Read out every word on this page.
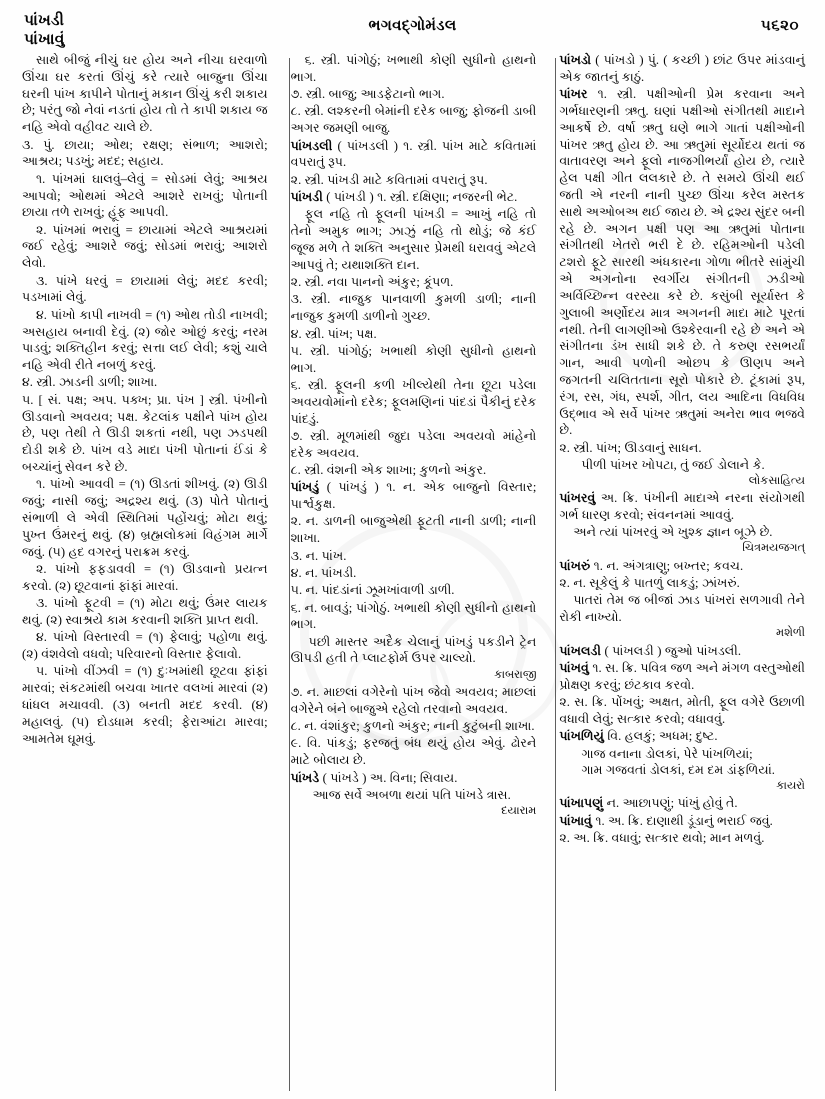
પાંખડી
પાંખાવું
ભગવદ્ગોમંડલ	૫૬૨૦

સાથે બીજું નીચું ઘર હોય અને નીચા ઘરવાળો ઊંચા ઘર કરતાં ઊંચું કરે ત્યારે બાજુના ઊંચા ઘરની પાંખ કાપીને પોતાનું મકાન ઊંચું કરી શકાય છે; પરંતુ જો નેવાં નડતાં હોય તો તે કાપી શકાય જ નહિ એવો વહીવટ ચાલે છે.

૩. પું. છાયા; ઓથ; રક્ષણ; સંભાળ; આશરો; આશ્રય; પડખું; મદદ; સહાય.

૧. પાંખમાં ઘાલવું–લેવું = સોડમાં લેવું; આશ્રય આપવો; ઓથમાં એટલે આશરે રાખવું; પોતાની છાયા તળે રાખવું; હૂંફ આપવી.

૨. પાંખમાં ભરાવું = છાયામાં એટલે આશ્રયમાં જઈ રહેવું; આશરે જવું; સોડમાં ભરાવું; આશરો લેવો.

૩. પાંખે ધરવું = છાયામાં લેવું; મદદ કરવી; પડખામાં લેવું.

૪. પાંખો કાપી નાખવી = (૧) ઓથ તોડી નાખવી; અસહાય બનાવી દેવું. (૨) જોર ઓછું કરવું; નરમ પાડવું; શક્તિહીન કરવું; સત્તા લઈ લેવી; કશું ચાલે નહિ એવી રીતે નબળું કરવું.

૪. સ્ત્રી. ઝાડની ડાળી; શાખા.

૫. [ સં. પક્ષ; અપ. પક્ખ; પ્રા. પંખ ] સ્ત્રી. પંખીનો ઊડવાનો અવયવ; પક્ષ. કેટલાંક પક્ષીને પાંખ હોય છે, પણ તેથી તે ઊડી શકતાં નથી, પણ ઝડપથી દોડી શકે છે. પાંખ વડે માદા પંખી પોતાનાં ઈંડાં કે બચ્ચાંનું સેવન કરે છે.

૧. પાંખો આવવી = (૧) ઊડતાં શીખવું. (૨) ઊડી જવું; નાસી જવું; અદ્રશ્ય થવું. (૩) પોતે પોતાનું સંભાળી લે એવી સ્થિતિમાં પહોંચવું; મોટા થવું; પુખ્ત ઉંમરનું થવું. (૪) બ્રહ્મલોકમાં વિહંગમ માર્ગે જવું. (૫) હદ વગરનું પરાક્રમ કરવું.

૨. પાંખો ફફડાવવી = (૧) ઊડવાનો પ્રયત્ન કરવો. (૨) છૂટવાનાં ફાંફાં મારવાં.

૩. પાંખો ફૂટવી = (૧) મોટા થવું; ઉંમર લાયક થવું. (૨) સ્વાશ્રયે કામ કરવાની શક્તિ પ્રાપ્ત થવી.

૪. પાંખો વિસ્તારવી = (૧) ફેલાવું; પહોળા થવું. (૨) વંશવેલો વધવો; પરિવારનો વિસ્તાર ફેલાવો.

૫. પાંખો વીંઝવી = (૧) દુઃખમાંથી છૂટવા ફાંફાં મારવાં; સંકટમાંથી બચવા ખાતર વલખાં મારવાં (૨) ધાંધલ મચાવવી. (૩) બનતી મદદ કરવી. (૪) મહાલવું. (૫) દોડધામ કરવી; ફેરાઆંટા મારવા; આમતેમ ઘૂમવું.

૬. સ્ત્રી. પાંગોઠું; ખભાથી કોણી સુધીનો હાથનો ભાગ.

૭. સ્ત્રી. બાજુ; આડફેટાનો ભાગ.

૮. સ્ત્રી. લશ્કરની બેમાંની દરેક બાજુ; ફોજની ડાબી અગર જમણી બાજુ.

પાંખડલી ( પાંખડલી ) ૧. સ્ત્રી. પાંખ માટે કવિતામાં વપરાતું રૂપ.

૨. સ્ત્રી. પાંખડી માટે કવિતામાં વપરાતું રૂપ.

પાંખડી ( પાંખડી ) ૧. સ્ત્રી. દક્ષિણા; નજરની ભેટ.

ફૂલ નહિ તો ફૂલની પાંખડી = આખું નહિ તો તેનો અમુક ભાગ; ઝાઝું નહિ તો થોડું; જે કંઈ જૂજ મળે તે શક્તિ અનુસાર પ્રેમથી ધરાવવું એટલે આપવું તે; યથાશક્તિ દાન.

૨. સ્ત્રી. નવા પાનનો અંકુર; કૂંપળ.

૩. સ્ત્રી. નાજુક પાનવાળી કુમળી ડાળી; નાની નાજુક કુમળી ડાળીનો ગુચ્છ.

૪. સ્ત્રી. પાંખ; પક્ષ.

૫. સ્ત્રી. પાંગોઠું; ખભાથી કોણી સુધીનો હાથનો ભાગ.

૬. સ્ત્રી. ફૂલની કળી ખીલ્યેથી તેના છૂટા પડેલા અવયવોમાંનો દરેક; ફૂલમણિનાં પાંદડાં પૈકીનું દરેક પાંદડું.

૭. સ્ત્રી. મૂળમાંથી જુદા પડેલા અવયવો માંહેનો દરેક અવયવ.

૮. સ્ત્રી. વંશની એક શાખા; કુળનો અંકુર.

પાંખડું ( પાંખડું ) ૧. ન. એક બાજુનો વિસ્તાર; પાર્શ્વકુક્ષ.

૨. ન. ડાળની બાજુએથી ફૂટતી નાની ડાળી; નાની શાખા.

૩. ન. પાંખ.

૪. ન. પાંખડી.

૫. ન. પાંદડાંનાં ઝૂમખાંવાળી ડાળી.

૬. ન. બાવડું; પાંગોઠું. ખભાથી કોણી સુધીનો હાથનો ભાગ.

પછી માસ્તર અદૈક ચેલાનું પાંખડું પકડીને ટ્રેન ઊપડી હતી તે પ્લાટફોર્મ ઉપર ચાલ્યો.

કાબરાજી

૭. ન. માછલાં વગેરેનો પાંખ જેવો અવયવ; માછલાં વગેરેને બંને બાજુએ રહેલો તરવાનો અવયવ.

૮. ન. વંશાંકુર; કુળનો અંકુર; નાની કુટુંબની શાખા.

૯. વિ. પાંકડું; ફરજતું બંધ થયું હોય એવું. ઢોરને માટે બોલાય છે.

પાંખડે ( પાંખડે ) અ. વિના; સિવાય.

આજ સર્વે અબળા થયાં પતિ પાંખડે ત્રાસ.

દયારામ

પાંખડો ( પાંખડો ) પું. ( કચ્છી ) છાંટ ઉપર માંડવાનું એક જાતનું કાઠું.

પાંખર ૧. સ્ત્રી. પક્ષીઓની પ્રેમ કરવાના અને ગર્ભધારણની ઋતુ. ઘણાં પક્ષીઓ સંગીતથી માદાને આકર્ષે છે. વર્ષા ઋતુ ઘણે ભાગે ગાતાં પક્ષીઓની પાંખર ઋતુ હોય છે. આ ઋતુમાં સૂર્યોદય થતાં જ વાતાવરણ અને ફૂલો નાજગીભર્યાં હોય છે, ત્યારે હેલ પક્ષી ગીત લલકારે છે. તે સમયે ઊંચી થઈ જતી એ નરની નાની પુચ્છ ઊંચા કરેલ મસ્તક સાથે અઓબઅ થઈ જાય છે. એ દ્રશ્ય સુંદર બની રહે છે. અગન પક્ષી પણ આ ઋતુમાં પોતાના સંગીતથી ખેતરો ભરી દે છે. રહિમઓની પડેલી ટશરો ફૂટે સારથી અંધકારના ગોળા ભીતરે સાંમુંચી એ અગનોના સ્વર્ગીય સંગીતની ઝડીઓ અર્વિચ્છિન્ન વરસ્યા કરે છે. કસુંબી સૂર્યાસ્ત કે ગુલાબી અર્ણોદય માત્ર અગનની માદા માટે પૂરતાં નથી. તેની લાગણીઓ ઉશ્કેરવાની રહે છે અને એ સંગીતના ડંખ સાધી શકે છે. તે કરુણ રસભર્યાં ગાન, આવી પળોની ઓછપ કે ઊણપ અને જગતની ચલિતતાના સૂરો પોકારે છે. ટૂંકામાં રૂપ, રંગ, રસ, ગંધ, સ્પર્શ, ગીત, લય આદિના વિધવિધ ઉદ્‌ભાવ એ સર્વે પાંખર ઋતુમાં અનેરા ભાવ ભજવે છે.

૨. સ્ત્રી. પાંખ; ઊડવાનું સાધન.

પીળી પાંખર ખોપટા, તું જઈ ડોલાને કે.

લોકસાહિત્ય

પાંખરવું અ. ક્રિ. પંખીની માદાએ નરના સંયોગથી ગર્ભ ધારણ કરવો; સંવનનમાં આવવું.

અને ત્યાં પાંખરવું એ ખુશ્ક જ્ઞાન બૂઝે છે.

ચિત્રમયજગત્

પાંખરું ૧. ન. અંગત્રાણુ; બખ્તર; કવચ.

૨. ન. સૂકેલું કે પાતળું લાકડું; ઝાંખરું.

પાતરાં તેમ જ બીજાં ઝાડ પાંખરાં સળગાવી તેને રોકી નાખ્યો.

મશેળી

પાંખલડી ( પાંખલડી ) જુઓ પાંખડલી.

પાંખવું ૧. સ. ક્રિ. પવિત્ર જળ અને મંગળ વસ્તુઓથી પ્રોક્ષણ કરવું; છંટકાવ કરવો.

૨. સ. ક્રિ. પોંખવું; અક્ષત, મોતી, ફૂલ વગેરે ઉછાળી વધાવી લેવું; સત્કાર કરવો; વધાવવું.

પાંખળિયું વિ. હલકું; અધમ; દુષ્ટ.

ગાજ વનાના ડોલકાં, પેરે પાંખળિયાં;

ગામ ગજવતાં ડોલકાં, દમ દમ ડાંફળિયાં.

કાયરો

પાંખાપણું ન. આછાપણું; પાંખું હોવું તે.

પાંખાવું ૧. અ. ક્રિ. દાણાથી ડૂંડાનું ભરાઈ જવું.

૨. અ. ક્રિ. વધાવું; સત્કાર થવો; માન મળવું.
